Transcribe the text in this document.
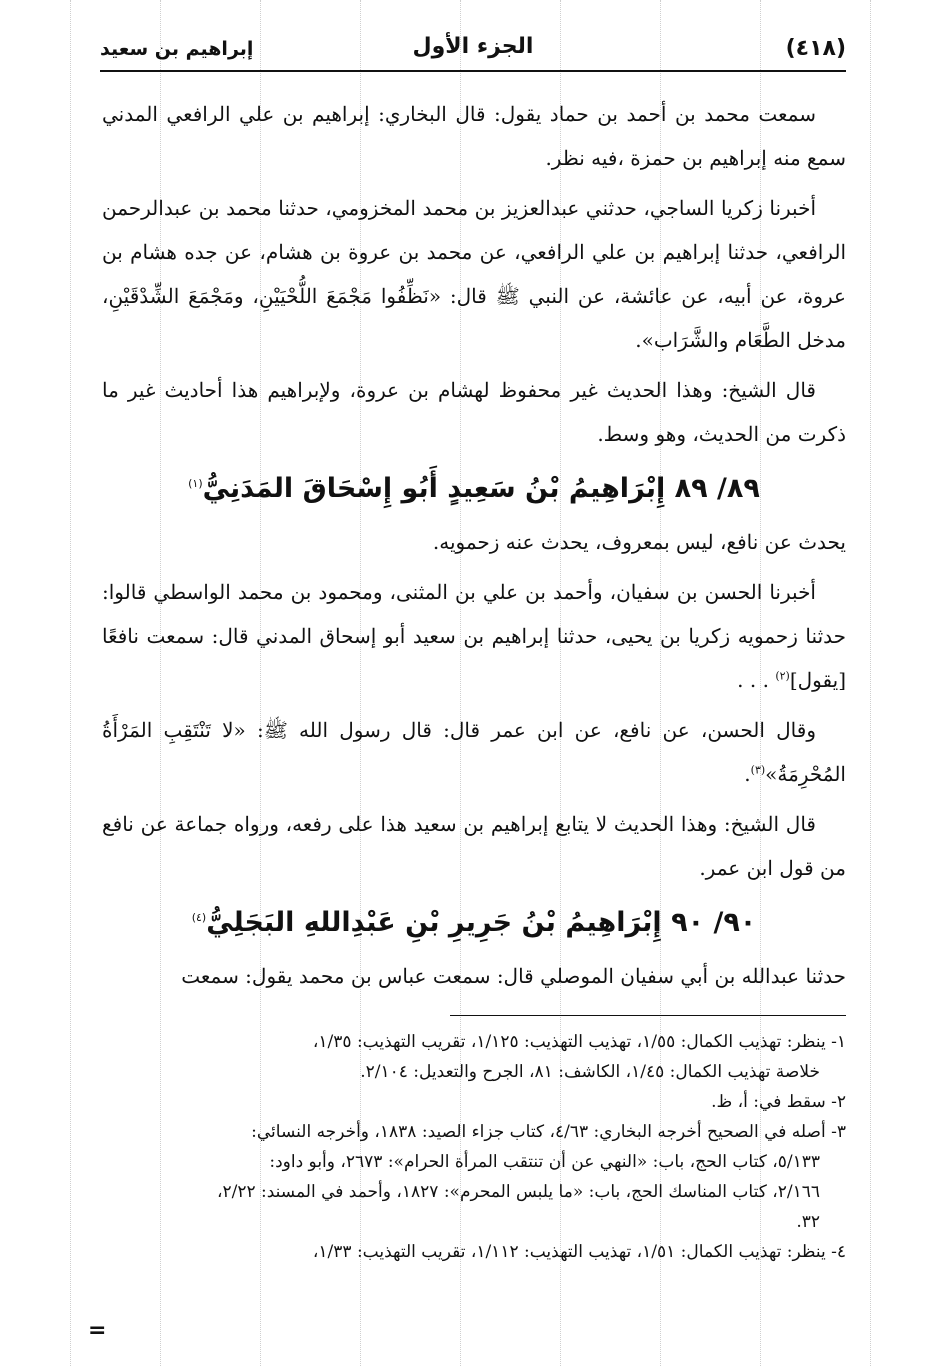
(٤١٨)
الجزء الأول
إبراهيم بن سعيد

سمعت محمد بن أحمد بن حماد يقول: قال البخاري: إبراهيم بن علي الرافعي المدني سمع منه إبراهيم بن حمزة ،فيه نظر.

أخبرنا زكريا الساجي، حدثني عبدالعزيز بن محمد المخزومي، حدثنا محمد بن عبدالرحمن الرافعي، حدثنا إبراهيم بن علي الرافعي، عن محمد بن عروة بن هشام، عن جده هشام بن عروة، عن أبيه، عن عائشة، عن النبي ﷺ قال: «نَظِّفُوا مَجْمَعَ اللُّحْيَيْنِ، ومَجْمَعَ الشِّدْقَيْنِ، مدخل الطَّعَام والشَّرَاب».

قال الشيخ: وهذا الحديث غير محفوظ لهشام بن عروة، ولإبراهيم هذا أحاديث غير ما ذكرت من الحديث، وهو وسط.

٨٩/ ٨٩ إِبْرَاهِيمُ بْنُ سَعِيدٍ أَبُو إِسْحَاقَ المَدَنِيُّ$^{(١)}$

يحدث عن نافع، ليس بمعروف، يحدث عنه زحمويه.

أخبرنا الحسن بن سفيان، وأحمد بن علي بن المثنى، ومحمود بن محمد الواسطي قالوا: حدثنا زحمويه زكريا بن يحيى، حدثنا إبراهيم بن سعيد أبو إسحاق المدني قال: سمعت نافعًا [يقول]$^{(٢)}$ . . .

وقال الحسن، عن نافع، عن ابن عمر قال: قال رسول الله ﷺ: «لا تَنْتَقِبِ المَرْأَةُ المُحْرِمَةُ»$^{(٣)}$.

قال الشيخ: وهذا الحديث لا يتابع إبراهيم بن سعيد هذا على رفعه، ورواه جماعة عن نافع من قول ابن عمر.

٩٠/ ٩٠ إِبْرَاهِيمُ بْنُ جَرِيرِ بْنِ عَبْدِاللهِ البَجَلِيُّ$^{(٤)}$

حدثنا عبدالله بن أبي سفيان الموصلي قال: سمعت عباس بن محمد يقول: سمعت

١- ينظر: تهذيب الكمال: ١/٥٥، تهذيب التهذيب: ١/١٢٥، تقريب التهذيب: ١/٣٥،
خلاصة تهذيب الكمال: ١/٤٥، الكاشف: ٨١، الجرح والتعديل: ٢/١٠٤.

٢- سقط في: أ، ظ.

٣- أصله في الصحيح أخرجه البخاري: ٤/٦٣، كتاب جزاء الصيد: ١٨٣٨، وأخرجه النسائي:
٥/١٣٣، كتاب الحج، باب: «النهي عن أن تنتقب المرأة الحرام»: ٢٦٧٣، وأبو داود:
٢/١٦٦، كتاب المناسك الحج، باب: «ما يلبس المحرم»: ١٨٢٧، وأحمد في المسند: ٢/٢٢،
٣٢.

٤- ينظر: تهذيب الكمال: ١/٥١، تهذيب التهذيب: ١/١١٢، تقريب التهذيب: ١/٣٣،

=
